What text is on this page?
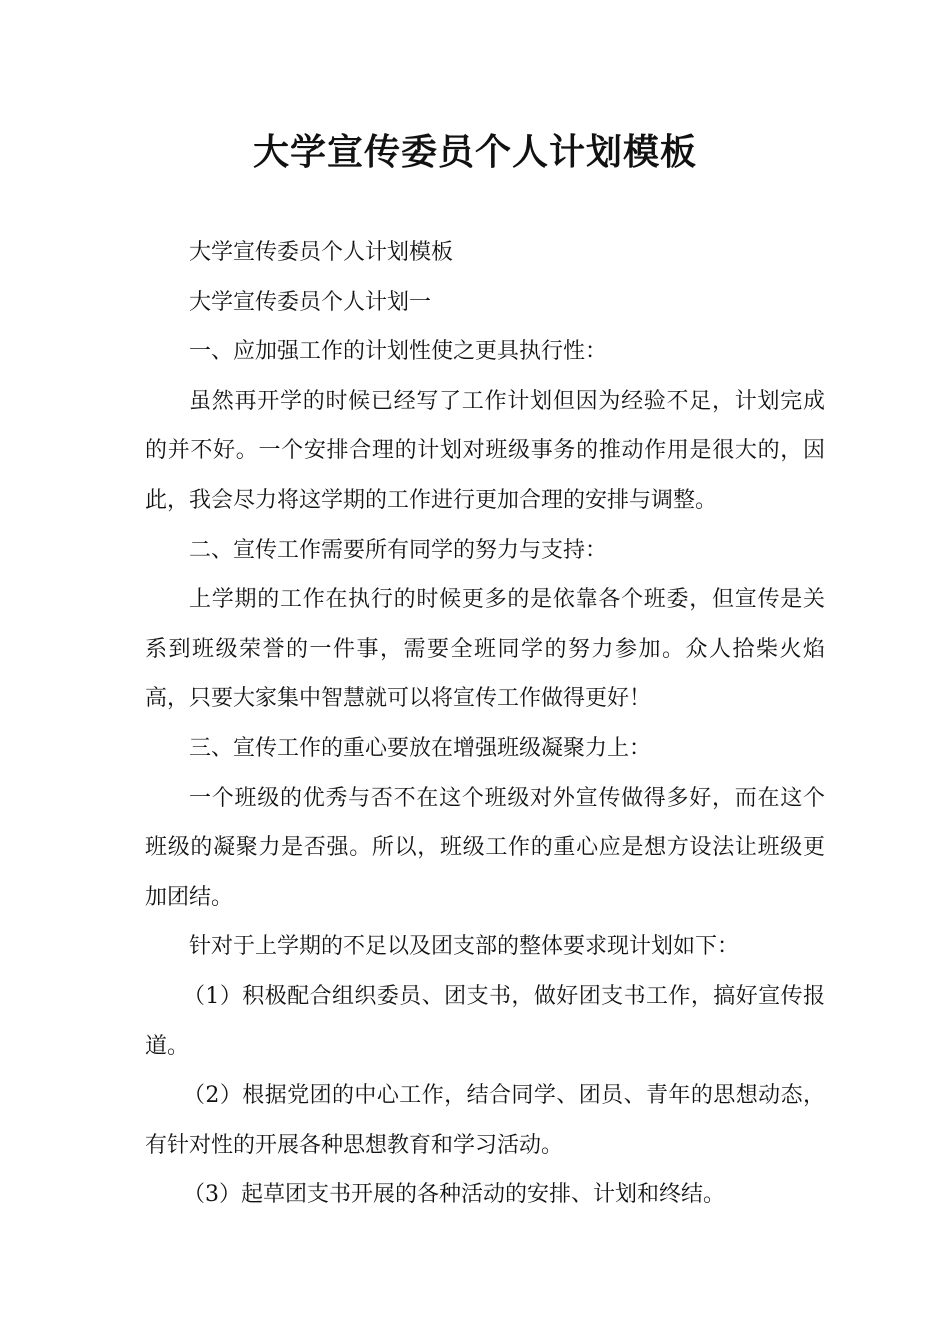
大学宣传委员个人计划模板

大学宣传委员个人计划模板

大学宣传委员个人计划一

一、应加强工作的计划性使之更具执行性：

虽然再开学的时候已经写了工作计划但因为经验不足，计划完成的并不好。一个安排合理的计划对班级事务的推动作用是很大的，因此，我会尽力将这学期的工作进行更加合理的安排与调整。

二、宣传工作需要所有同学的努力与支持：

上学期的工作在执行的时候更多的是依靠各个班委，但宣传是关系到班级荣誉的一件事，需要全班同学的努力参加。众人拾柴火焰高，只要大家集中智慧就可以将宣传工作做得更好！

三、宣传工作的重心要放在增强班级凝聚力上：

一个班级的优秀与否不在这个班级对外宣传做得多好，而在这个班级的凝聚力是否强。所以，班级工作的重心应是想方设法让班级更加团结。

针对于上学期的不足以及团支部的整体要求现计划如下：

（1）积极配合组织委员、团支书，做好团支书工作，搞好宣传报道。

（2）根据党团的中心工作，结合同学、团员、青年的思想动态，有针对性的开展各种思想教育和学习活动。

（3）起草团支书开展的各种活动的安排、计划和终结。
